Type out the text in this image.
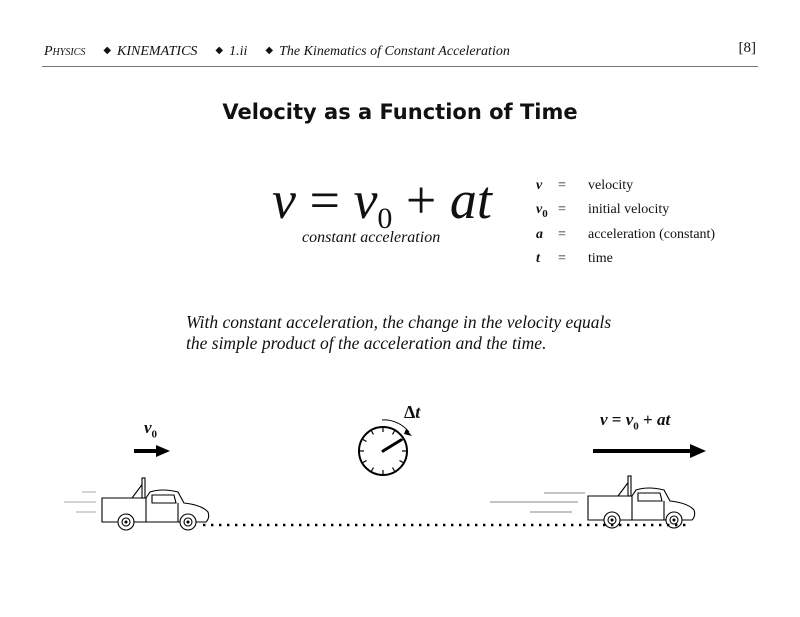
Physics ◆ KINEMATICS ◆ 1.ii ◆ The Kinematics of Constant Acceleration	[8]
Velocity as a Function of Time
$v = v_0$ + at
constant acceleration
v	=	velocity
$v_0$ =	initial velocity
a	=	acceleration (constant)
t	=	time
With constant acceleration, the change in the velocity equals
the simple product of the acceleration and the time.
$v_0$
Δt	$v = v_0$ + at
